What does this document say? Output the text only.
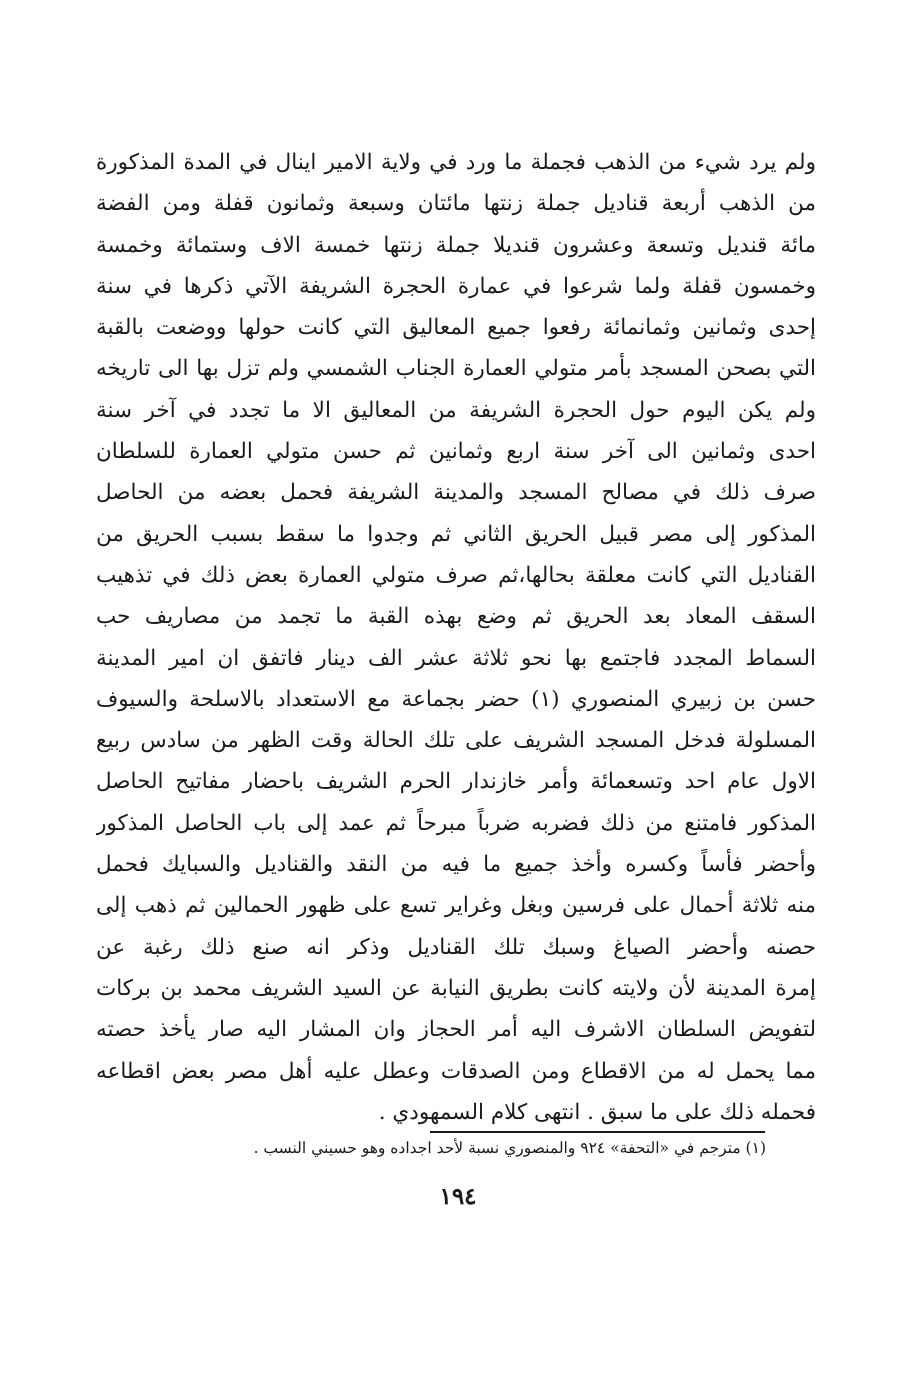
ولم يرد شيء من الذهب فجملة ما ورد في ولاية الامير اينال في المدة المذكورة
من الذهب أربعة قناديل جملة زنتها مائتان وسبعة وثمانون قفلة ومن الفضة
مائة قنديل وتسعة وعشرون قنديلا جملة زنتها خمسة الاف وستمائة وخمسة
وخمسون قفلة ولما شرعوا في عمارة الحجرة الشريفة الآتي ذكرها في سنة
إحدى وثمانين وثمانمائة رفعوا جميع المعاليق التي كانت حولها ووضعت بالقبة
التي بصحن المسجد بأمر متولي العمارة الجناب الشمسي ولم تزل بها الى تاريخه
ولم يكن اليوم حول الحجرة الشريفة من المعاليق الا ما تجدد في آخر سنة
احدى وثمانين الى آخر سنة اربع وثمانين ثم حسن متولي العمارة للسلطان
صرف ذلك في مصالح المسجد والمدينة الشريفة فحمل بعضه من الحاصل
المذكور إلى مصر قبيل الحريق الثاني ثم وجدوا ما سقط بسبب الحريق من
القناديل التي كانت معلقة بحالها،ثم صرف متولي العمارة بعض ذلك في تذهيب
السقف المعاد بعد الحريق ثم وضع بهذه القبة ما تجمد من مصاريف حب
السماط المجدد فاجتمع بها نحو ثلاثة عشر الف دينار فاتفق ان امير المدينة
حسن بن زبيري المنصوري (١) حضر بجماعة مع الاستعداد بالاسلحة والسيوف
المسلولة فدخل المسجد الشريف على تلك الحالة وقت الظهر من سادس ربيع
الاول عام احد وتسعمائة وأمر خازندار الحرم الشريف باحضار مفاتيح الحاصل
المذكور فامتنع من ذلك فضربه ضرباً مبرحاً ثم عمد إلى باب الحاصل المذكور
وأحضر فأساً وكسره وأخذ جميع ما فيه من النقد والقناديل والسبايك فحمل
منه ثلاثة أحمال على فرسين وبغل وغراير تسع على ظهور الحمالين ثم ذهب إلى
حصنه وأحضر الصياغ وسبك تلك القناديل وذكر انه صنع ذلك رغبة عن
إمرة المدينة لأن ولايته كانت بطريق النيابة عن السيد الشريف محمد بن بركات
لتفويض السلطان الاشرف اليه أمر الحجاز وان المشار اليه صار يأخذ حصته
مما يحمل له من الاقطاع ومن الصدقات وعطل عليه أهل مصر بعض اقطاعه
فحمله ذلك على ما سبق . انتهى كلام السمهودي .
(١) مترجم في «التحفة» ٩٢٤ والمنصوري نسبة لأحد اجداده وهو حسيني النسب .
١٩٤
